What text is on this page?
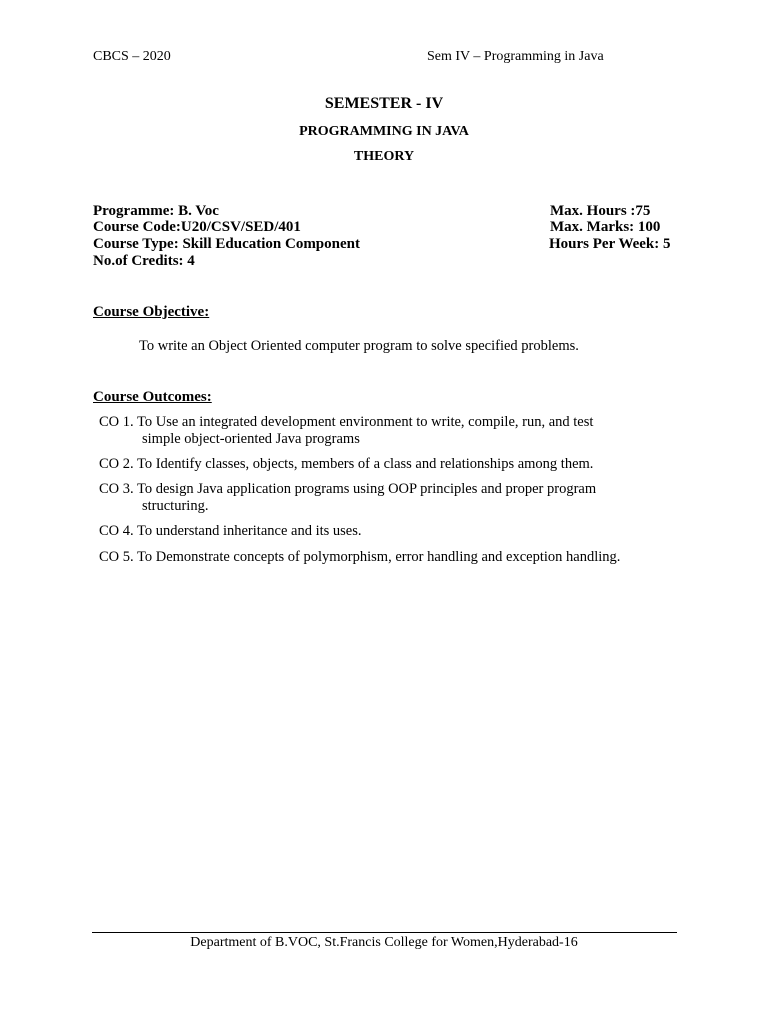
CBCS – 2020	Sem IV – Programming in Java
SEMESTER - IV
PROGRAMMING IN JAVA
THEORY
Programme: B. Voc
Course Code:U20/CSV/SED/401
Course Type: Skill Education Component
No.of Credits: 4
Max. Hours :75
Max. Marks: 100
Hours Per Week: 5
Course Objective:
To write an Object Oriented computer program to solve specified problems.
Course Outcomes:
CO 1. To Use an integrated development environment to write, compile, run, and test
simple object-oriented Java programs
CO 2. To Identify classes, objects, members of a class and relationships among them.
CO 3. To design Java application programs using OOP principles and proper program
structuring.
CO 4. To understand inheritance and its uses.
CO 5. To Demonstrate concepts of polymorphism, error handling and exception handling.
Department of B.VOC, St.Francis College for Women,Hyderabad-16
